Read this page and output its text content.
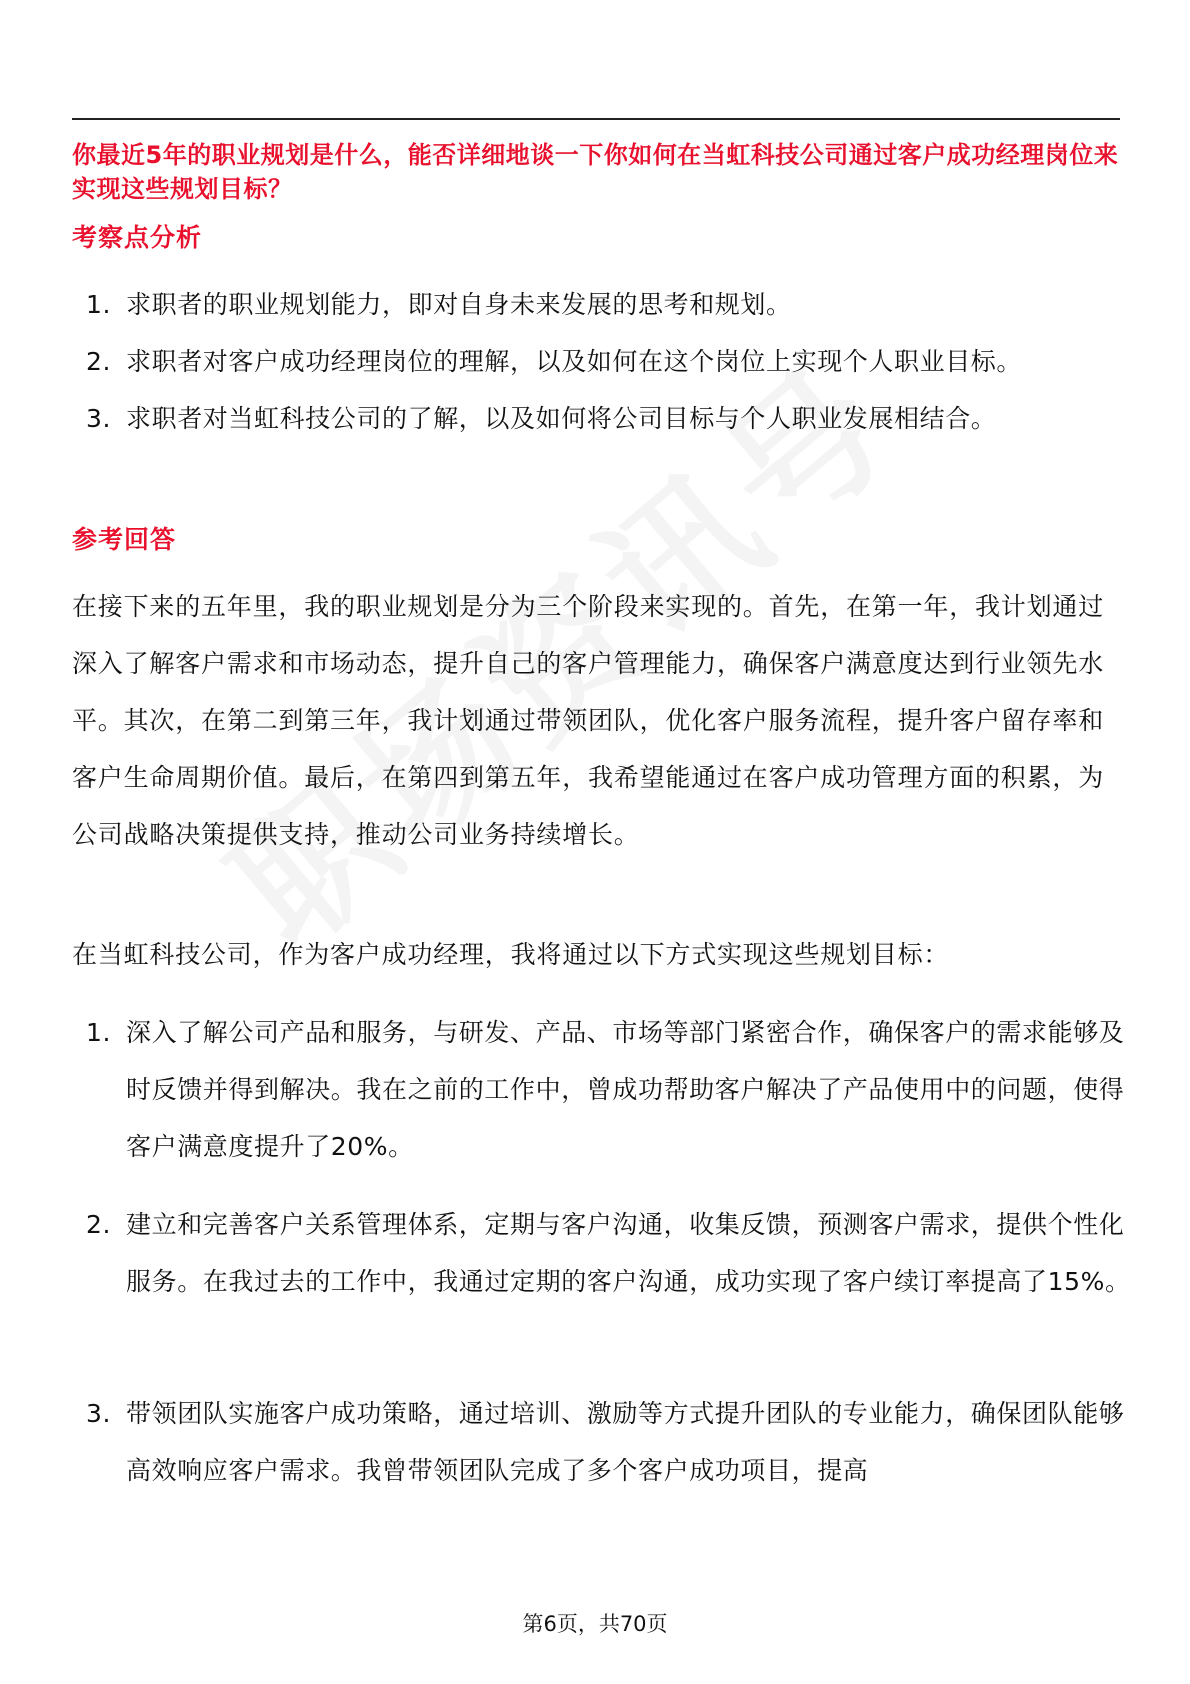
你最近5年的职业规划是什么，能否详细地谈一下你如何在当虹科技公司通过客户成功经理岗位来实现这些规划目标？
考察点分析
1. 求职者的职业规划能力，即对自身未来发展的思考和规划。
2. 求职者对客户成功经理岗位的理解，以及如何在这个岗位上实现个人职业目标。
3. 求职者对当虹科技公司的了解，以及如何将公司目标与个人职业发展相结合。
参考回答
在接下来的五年里，我的职业规划是分为三个阶段来实现的。首先，在第一年，我计划通过深入了解客户需求和市场动态，提升自己的客户管理能力，确保客户满意度达到行业领先水平。其次，在第二到第三年，我计划通过带领团队，优化客户服务流程，提升客户留存率和客户生命周期价值。最后，在第四到第五年，我希望能通过在客户成功管理方面的积累，为公司战略决策提供支持，推动公司业务持续增长。
在当虹科技公司，作为客户成功经理，我将通过以下方式实现这些规划目标：
1. 深入了解公司产品和服务，与研发、产品、市场等部门紧密合作，确保客户的需求能够及时反馈并得到解决。我在之前的工作中，曾成功帮助客户解决了产品使用中的问题，使得客户满意度提升了20%。
2. 建立和完善客户关系管理体系，定期与客户沟通，收集反馈，预测客户需求，提供个性化服务。在我过去的工作中，我通过定期的客户沟通，成功实现了客户续订率提高了15%。
3. 带领团队实施客户成功策略，通过培训、激励等方式提升团队的专业能力，确保团队能够高效响应客户需求。我曾带领团队完成了多个客户成功项目，提高
第6页，共70页
